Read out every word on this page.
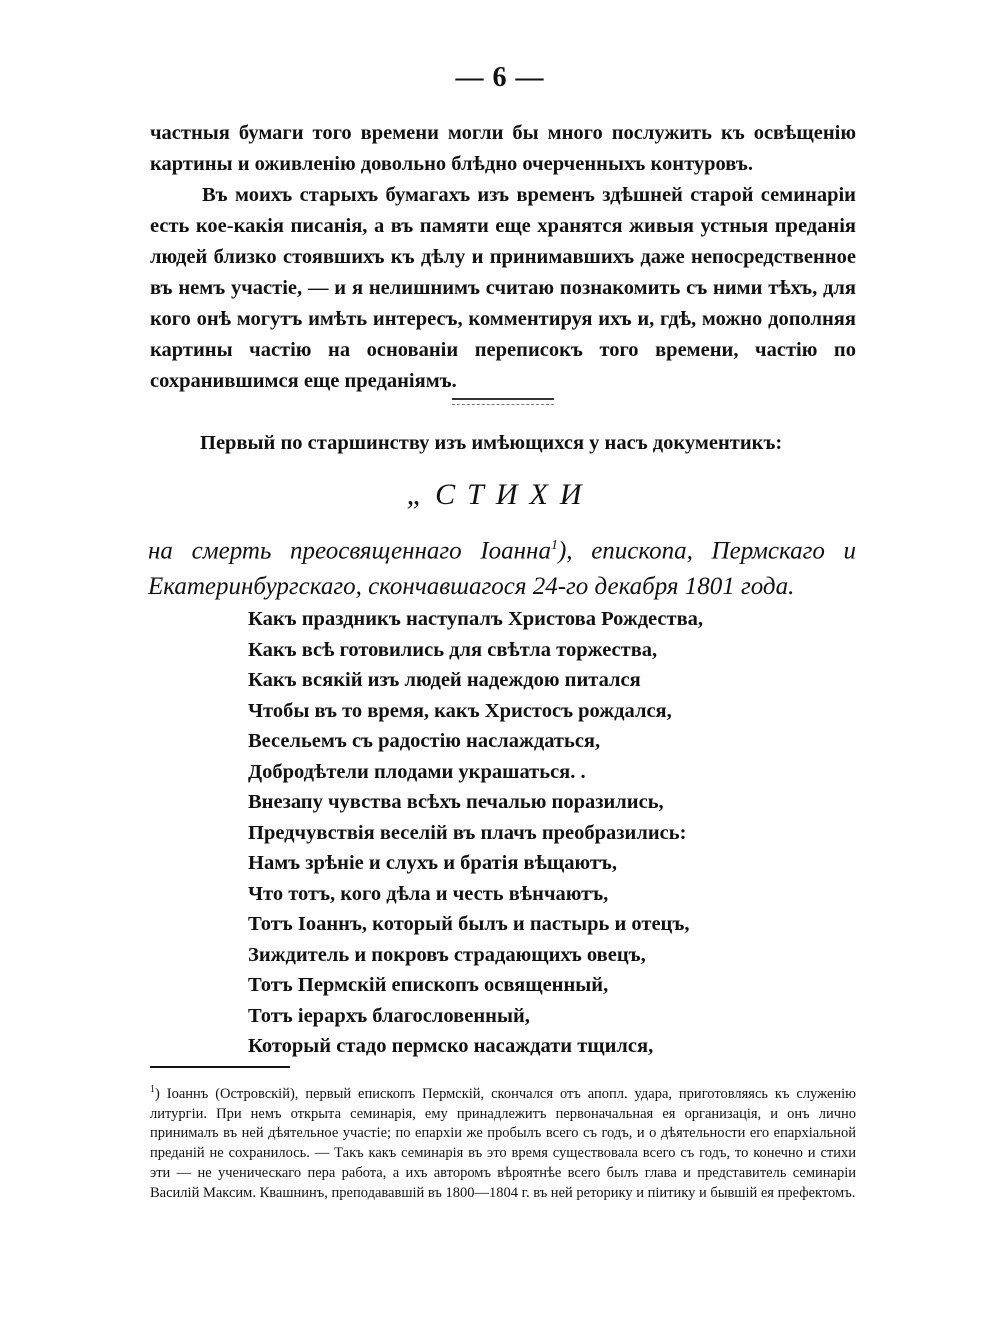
— 6 —

частныя бумаги того времени могли бы много послужить къ освѣщенію картины и оживленію довольно блѣдно очерченныхъ контуровъ.

Въ моихъ старыхъ бумагахъ изъ временъ здѣшней старой семинаріи есть кое-какія писанія, а въ памяти еще хранятся живыя устныя преданія людей близко стоявшихъ къ дѣлу и принимавшихъ даже непосредственное въ немъ участіе, — и я нелишнимъ считаю познакомить съ ними тѣхъ, для кого онѣ могутъ имѣть интересъ, комментируя ихъ и, гдѣ, можно дополняя картины частію на основаніи переписокъ того времени, частію по сохранившимся еще преданіямъ.

Первый по старшинству изъ имѣющихся у насъ документикъ:
„СТИХИ
на смерть преосвященнаго Іоанна$^1$), епископа, Пермскаго и Екатеринбургскаго, скончавшагося 24-го декабря 1801 года.
Какъ праздникъ наступалъ Христова Рождества,
Какъ всѣ готовились для свѣтла торжества,
Какъ всякій изъ людей надеждою питался
Чтобы въ то время, какъ Христосъ рождался,
Весельемъ съ радостію наслаждаться,
Добродѣтели плодами украшаться. .
Внезапу чувства всѣхъ печалью поразились,
Предчувствія веселій въ плачъ преобразились:
Намъ зрѣніе и слухъ и братія вѣщаютъ,
Что тотъ, кого дѣла и честь вѣнчаютъ,
Тотъ Іоаннъ, который былъ и пастырь и отецъ,
Зиждитель и покровъ страдающихъ овецъ,
Тотъ Пермскій епископъ освященный,
Тотъ іерархъ благословенный,
Который стадо пермско насаждати тщился,

$^1$) Іоаннъ (Островскій), первый епископъ Пермскій, скончался отъ апопл. удара, приготовляясь къ служенію литургіи. При немъ открыта семинарія, ему принадлежитъ первоначальная ея организація, и онъ лично принималъ въ ней дѣятельное участіе; по епархіи же пробылъ всего съ годъ, и о дѣятельности его епархіальной преданій не сохранилось. — Такъ какъ семинарія въ это время существовала всего съ годъ, то конечно и стихи эти — не ученическаго пера работа, а ихъ авторомъ вѣроятнѣе всего былъ глава и представитель семинаріи Василій Максим. Квашнинъ, преподававшій въ 1800—1804 г. въ ней реторику и піитику и бывшій ея префектомъ.
